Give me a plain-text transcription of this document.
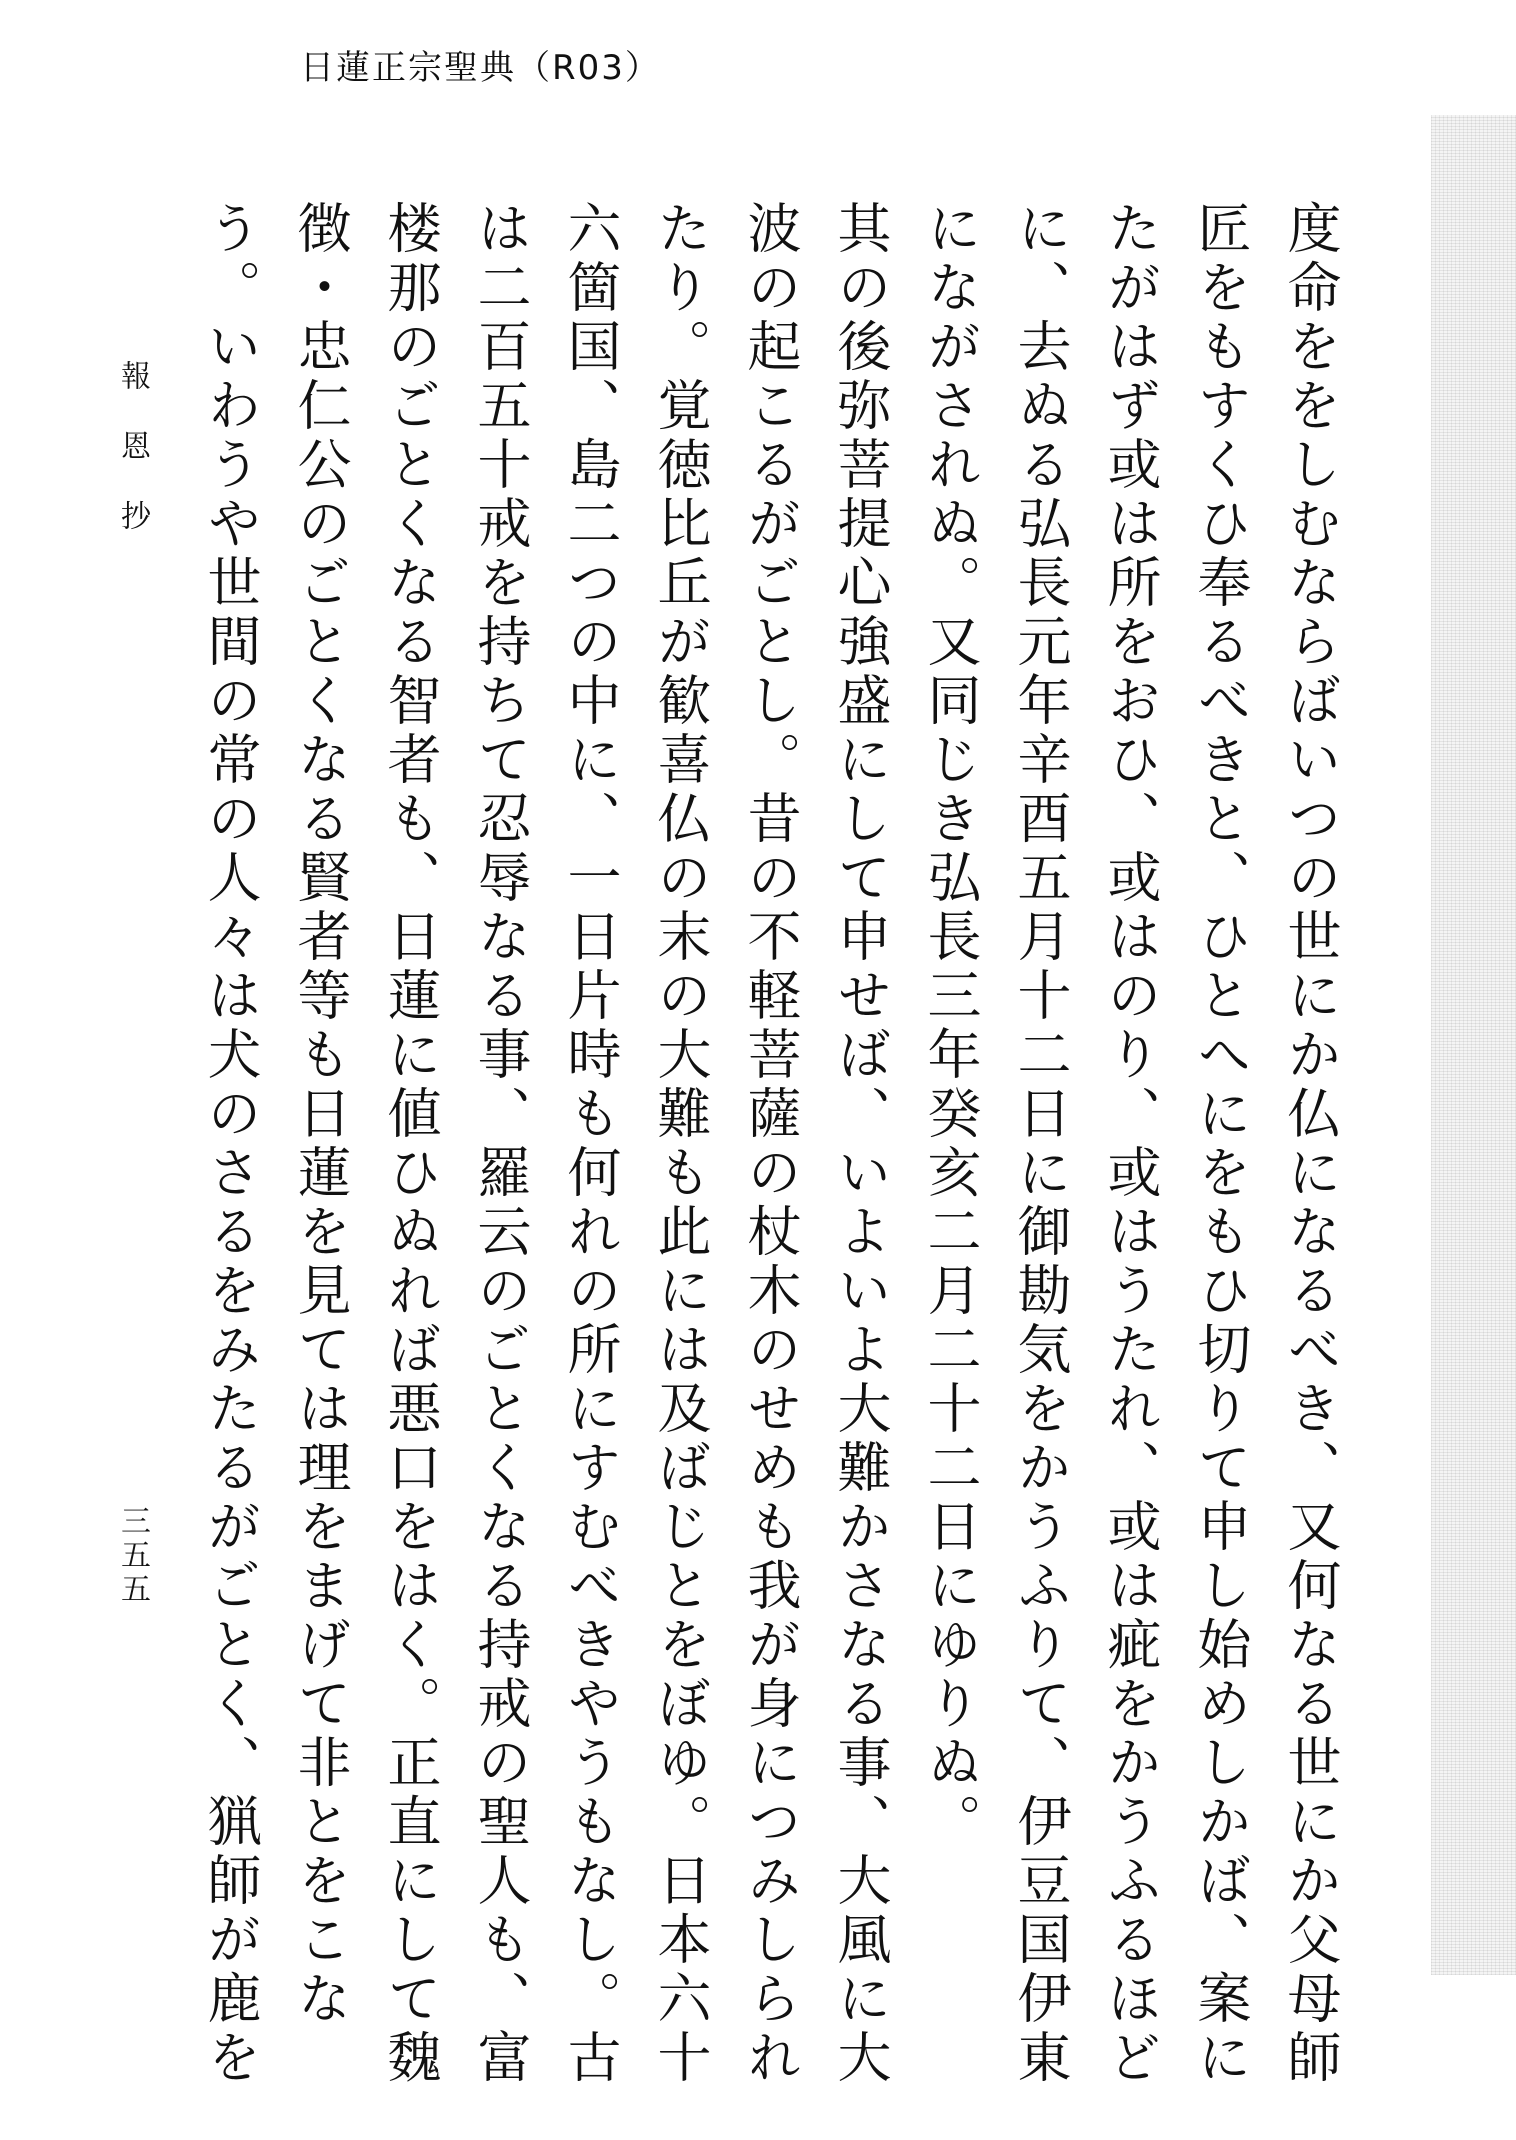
日蓮正宗聖典（R03）

度命ををしむならばいつの世にか仏になるべき、又何なる世にか父母師匠をもすくひ奉るべきと、ひとへにをもひ切りて申し始めしかば、案にたがはず或は所をおひ、或はのり、或はうたれ、或は疵をかうふるほどに、去ぬる弘長元年辛酉五月十二日に御勘気をかうふりて、伊豆国伊東にながされぬ。又同じき弘長三年癸亥二月二十二日にゆりぬ。

其の後弥菩提心強盛にして申せば、いよいよ大難かさなる事、大風に大波の起こるがごとし。昔の不軽菩薩の杖木のせめも我が身につみしられたり。覚徳比丘が歓喜仏の末の大難も此には及ばじとをぼゆ。日本六十六箇国、島二つの中に、一日片時も何れの所にすむべきやうもなし。古は二百五十戒を持ちて忍辱なる事、羅云のごとくなる持戒の聖人も、富楼那のごとくなる智者も、日蓮に値ひぬれば悪口をはく。正直にして魏徴・忠仁公のごとくなる賢者等も日蓮を見ては理をまげて非とをこなう。いわうや世間の常の人々は犬のさるをみたるがごとく、猟師が鹿を

報恩抄
三五五
